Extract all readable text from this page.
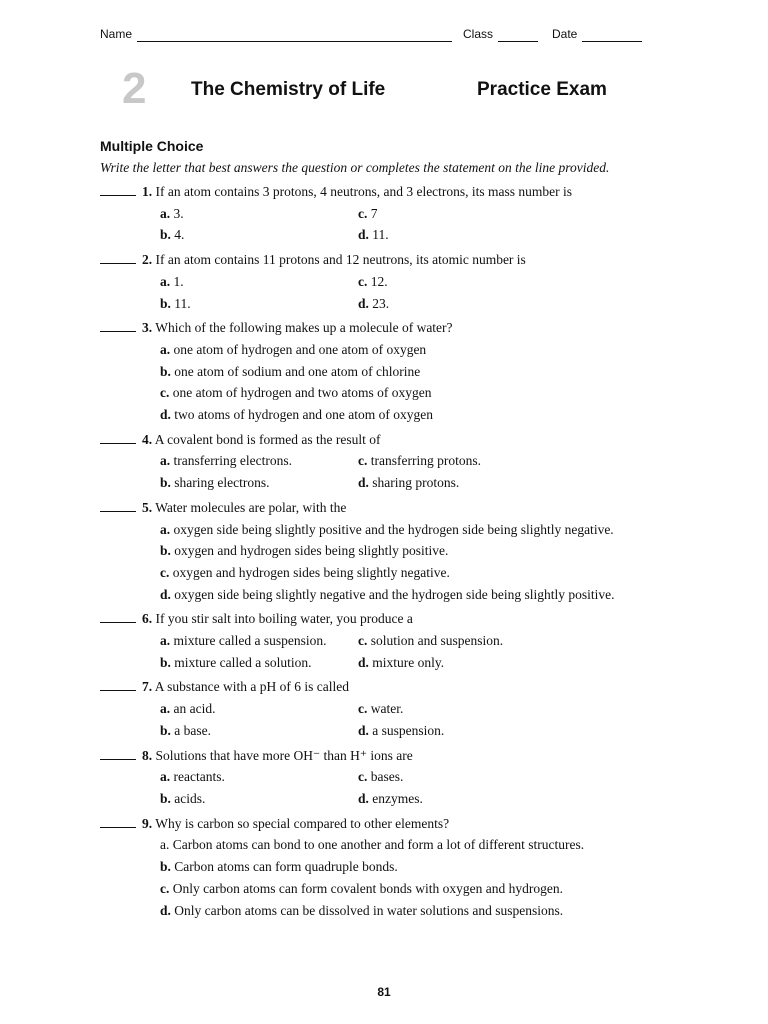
Name	Class	Date
2 The Chemistry of Life	Practice Exam
Multiple Choice
Write the letter that best answers the question or completes the statement on the line provided.
1. If an atom contains 3 protons, 4 neutrons, and 3 electrons, its mass number is
a. 3.	c. 7
b. 4.	d. 11.
2. If an atom contains 11 protons and 12 neutrons, its atomic number is
a. 1.	c. 12.
b. 11.	d. 23.
3. Which of the following makes up a molecule of water?
a. one atom of hydrogen and one atom of oxygen
b. one atom of sodium and one atom of chlorine
c. one atom of hydrogen and two atoms of oxygen
d. two atoms of hydrogen and one atom of oxygen
4. A covalent bond is formed as the result of
a. transferring electrons.	c. transferring protons.
b. sharing electrons.	d. sharing protons.
5. Water molecules are polar, with the
a. oxygen side being slightly positive and the hydrogen side being slightly negative.
b. oxygen and hydrogen sides being slightly positive.
c. oxygen and hydrogen sides being slightly negative.
d. oxygen side being slightly negative and the hydrogen side being slightly positive.
6. If you stir salt into boiling water, you produce a
a. mixture called a suspension.	c. solution and suspension.
b. mixture called a solution.	d. mixture only.
7. A substance with a pH of 6 is called
a. an acid.	c. water.
b. a base.	d. a suspension.
8. Solutions that have more OH⁻ than H⁺ ions are
a. reactants.	c. bases.
b. acids.	d. enzymes.
9. Why is carbon so special compared to other elements?
a. Carbon atoms can bond to one another and form a lot of different structures.
b. Carbon atoms can form quadruple bonds.
c. Only carbon atoms can form covalent bonds with oxygen and hydrogen.
d. Only carbon atoms can be dissolved in water solutions and suspensions.
81
